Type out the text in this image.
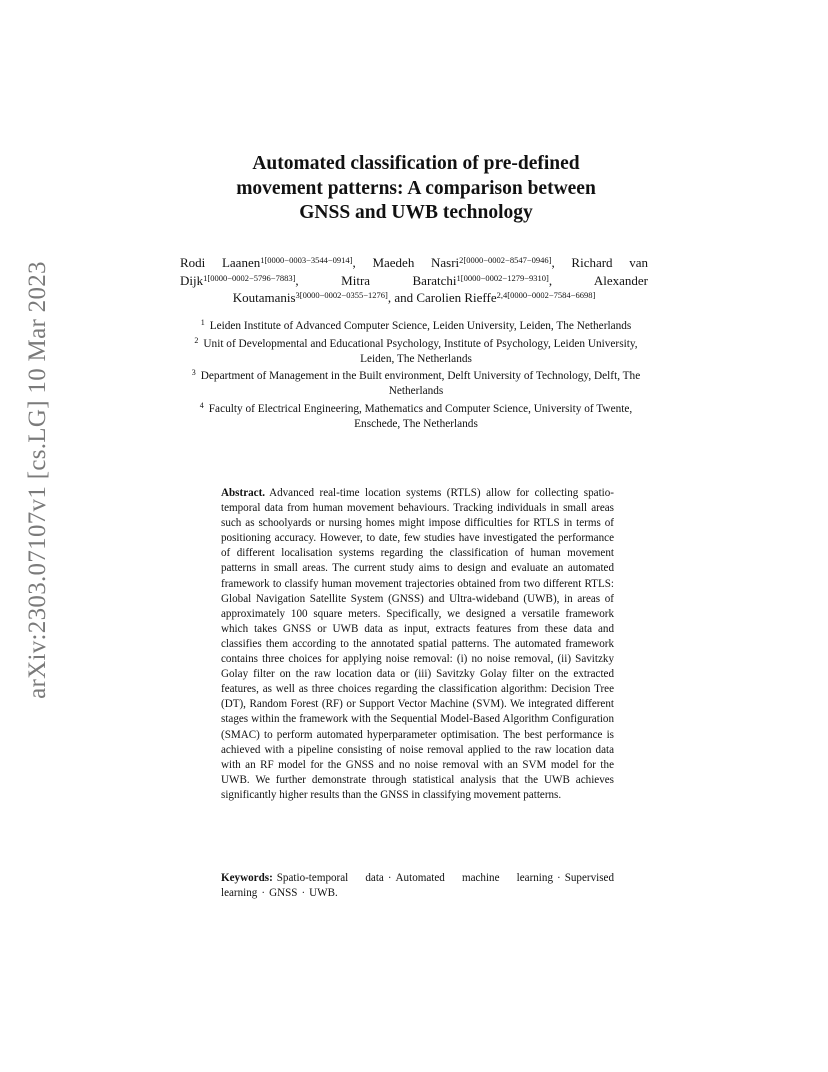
arXiv:2303.07107v1 [cs.LG] 10 Mar 2023
Automated classification of pre-defined
movement patterns: A comparison between
GNSS and UWB technology
Rodi Laanen$^{1[0000-0003-3544-0914]}$, Maedeh Nasri$^{2[0000-0002-8547-0946]}$, Richard van Dijk$^{1[0000-0002-5796-7883]}$, Mitra Baratchi$^{1[0000-0002-1279-9310]}$, Alexander Koutamanis$^{3[0000-0002-0355-1276]}$, and Carolien Rieffe$^{2,4[0000-0002-7584-6698]}$

$^1$ Leiden Institute of Advanced Computer Science, Leiden University, Leiden, The Netherlands

$^2$ Unit of Developmental and Educational Psychology, Institute of Psychology, Leiden University, Leiden, The Netherlands

$^3$ Department of Management in the Built environment, Delft University of Technology, Delft, The Netherlands

$^4$ Faculty of Electrical Engineering, Mathematics and Computer Science, University of Twente, Enschede, The Netherlands

Abstract. Advanced real-time location systems (RTLS) allow for collecting spatio-temporal data from human movement behaviours. Tracking individuals in small areas such as schoolyards or nursing homes might impose difficulties for RTLS in terms of positioning accuracy. However, to date, few studies have investigated the performance of different localisation systems regarding the classification of human movement patterns in small areas. The current study aims to design and evaluate an automated framework to classify human movement trajectories obtained from two different RTLS: Global Navigation Satellite System (GNSS) and Ultra-wideband (UWB), in areas of approximately 100 square meters. Specifically, we designed a versatile framework which takes GNSS or UWB data as input, extracts features from these data and classifies them according to the annotated spatial patterns. The automated framework contains three choices for applying noise removal: (i) no noise removal, (ii) Savitzky Golay filter on the raw location data or (iii) Savitzky Golay filter on the extracted features, as well as three choices regarding the classification algorithm: Decision Tree (DT), Random Forest (RF) or Support Vector Machine (SVM). We integrated different stages within the framework with the Sequential Model-Based Algorithm Configuration (SMAC) to perform automated hyperparameter optimisation. The best performance is achieved with a pipeline consisting of noise removal applied to the raw location data with an RF model for the GNSS and no noise removal with an SVM model for the UWB. We further demonstrate through statistical analysis that the UWB achieves significantly higher results than the GNSS in classifying movement patterns.
Keywords: Spatio-temporal data · Automated machine learning · Supervised learning · GNSS · UWB.
